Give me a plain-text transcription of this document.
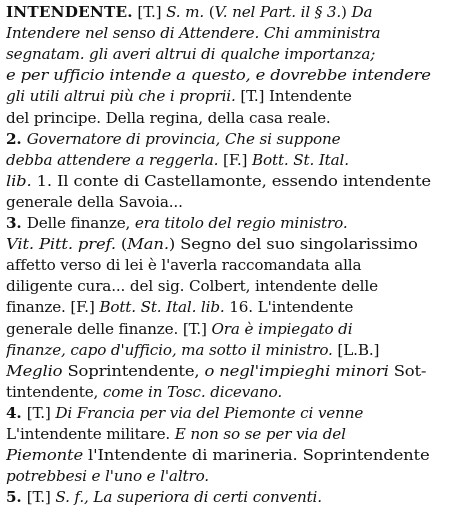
INTENDENTE. [T.] S. m. (V. nel Part. il § 3.) Da
Intendere nel senso di Attendere. Chi amministra
segnatam. gli averi altrui di qualche importanza;
e per ufficio intende a questo, e dovrebbe intendere
gli utili altrui più che i proprii. [T.] Intendente
del principe. Della regina, della casa reale.
2. Governatore di provincia, Che si suppone
debba attendere a reggerla. [F.] Bott. St. Ital.
lib. 1. Il conte di Castellamonte, essendo intendente
generale della Savoia...
3. Delle finanze, era titolo del regio ministro.
Vit. Pitt. pref. (Man.) Segno del suo singolarissimo
affetto verso di lei è l'averla raccomandata alla
diligente cura... del sig. Colbert, intendente delle
finanze. [F.] Bott. St. Ital. lib. 16. L'intendente
generale delle finanze. [T.] Ora è impiegato di
finanze, capo d'ufficio, ma sotto il ministro. [L.B.]
Meglio Soprintendente, o negl'impieghi minori Sot-
tintendente, come in Tosc. dicevano.
4. [T.] Di Francia per via del Piemonte ci venne
L'intendente militare. E non so se per via del
Piemonte l'Intendente di marineria. Soprintendente
potrebbesi e l'uno e l'altro.
5. [T.] S. f., La superiora di certi conventi.
